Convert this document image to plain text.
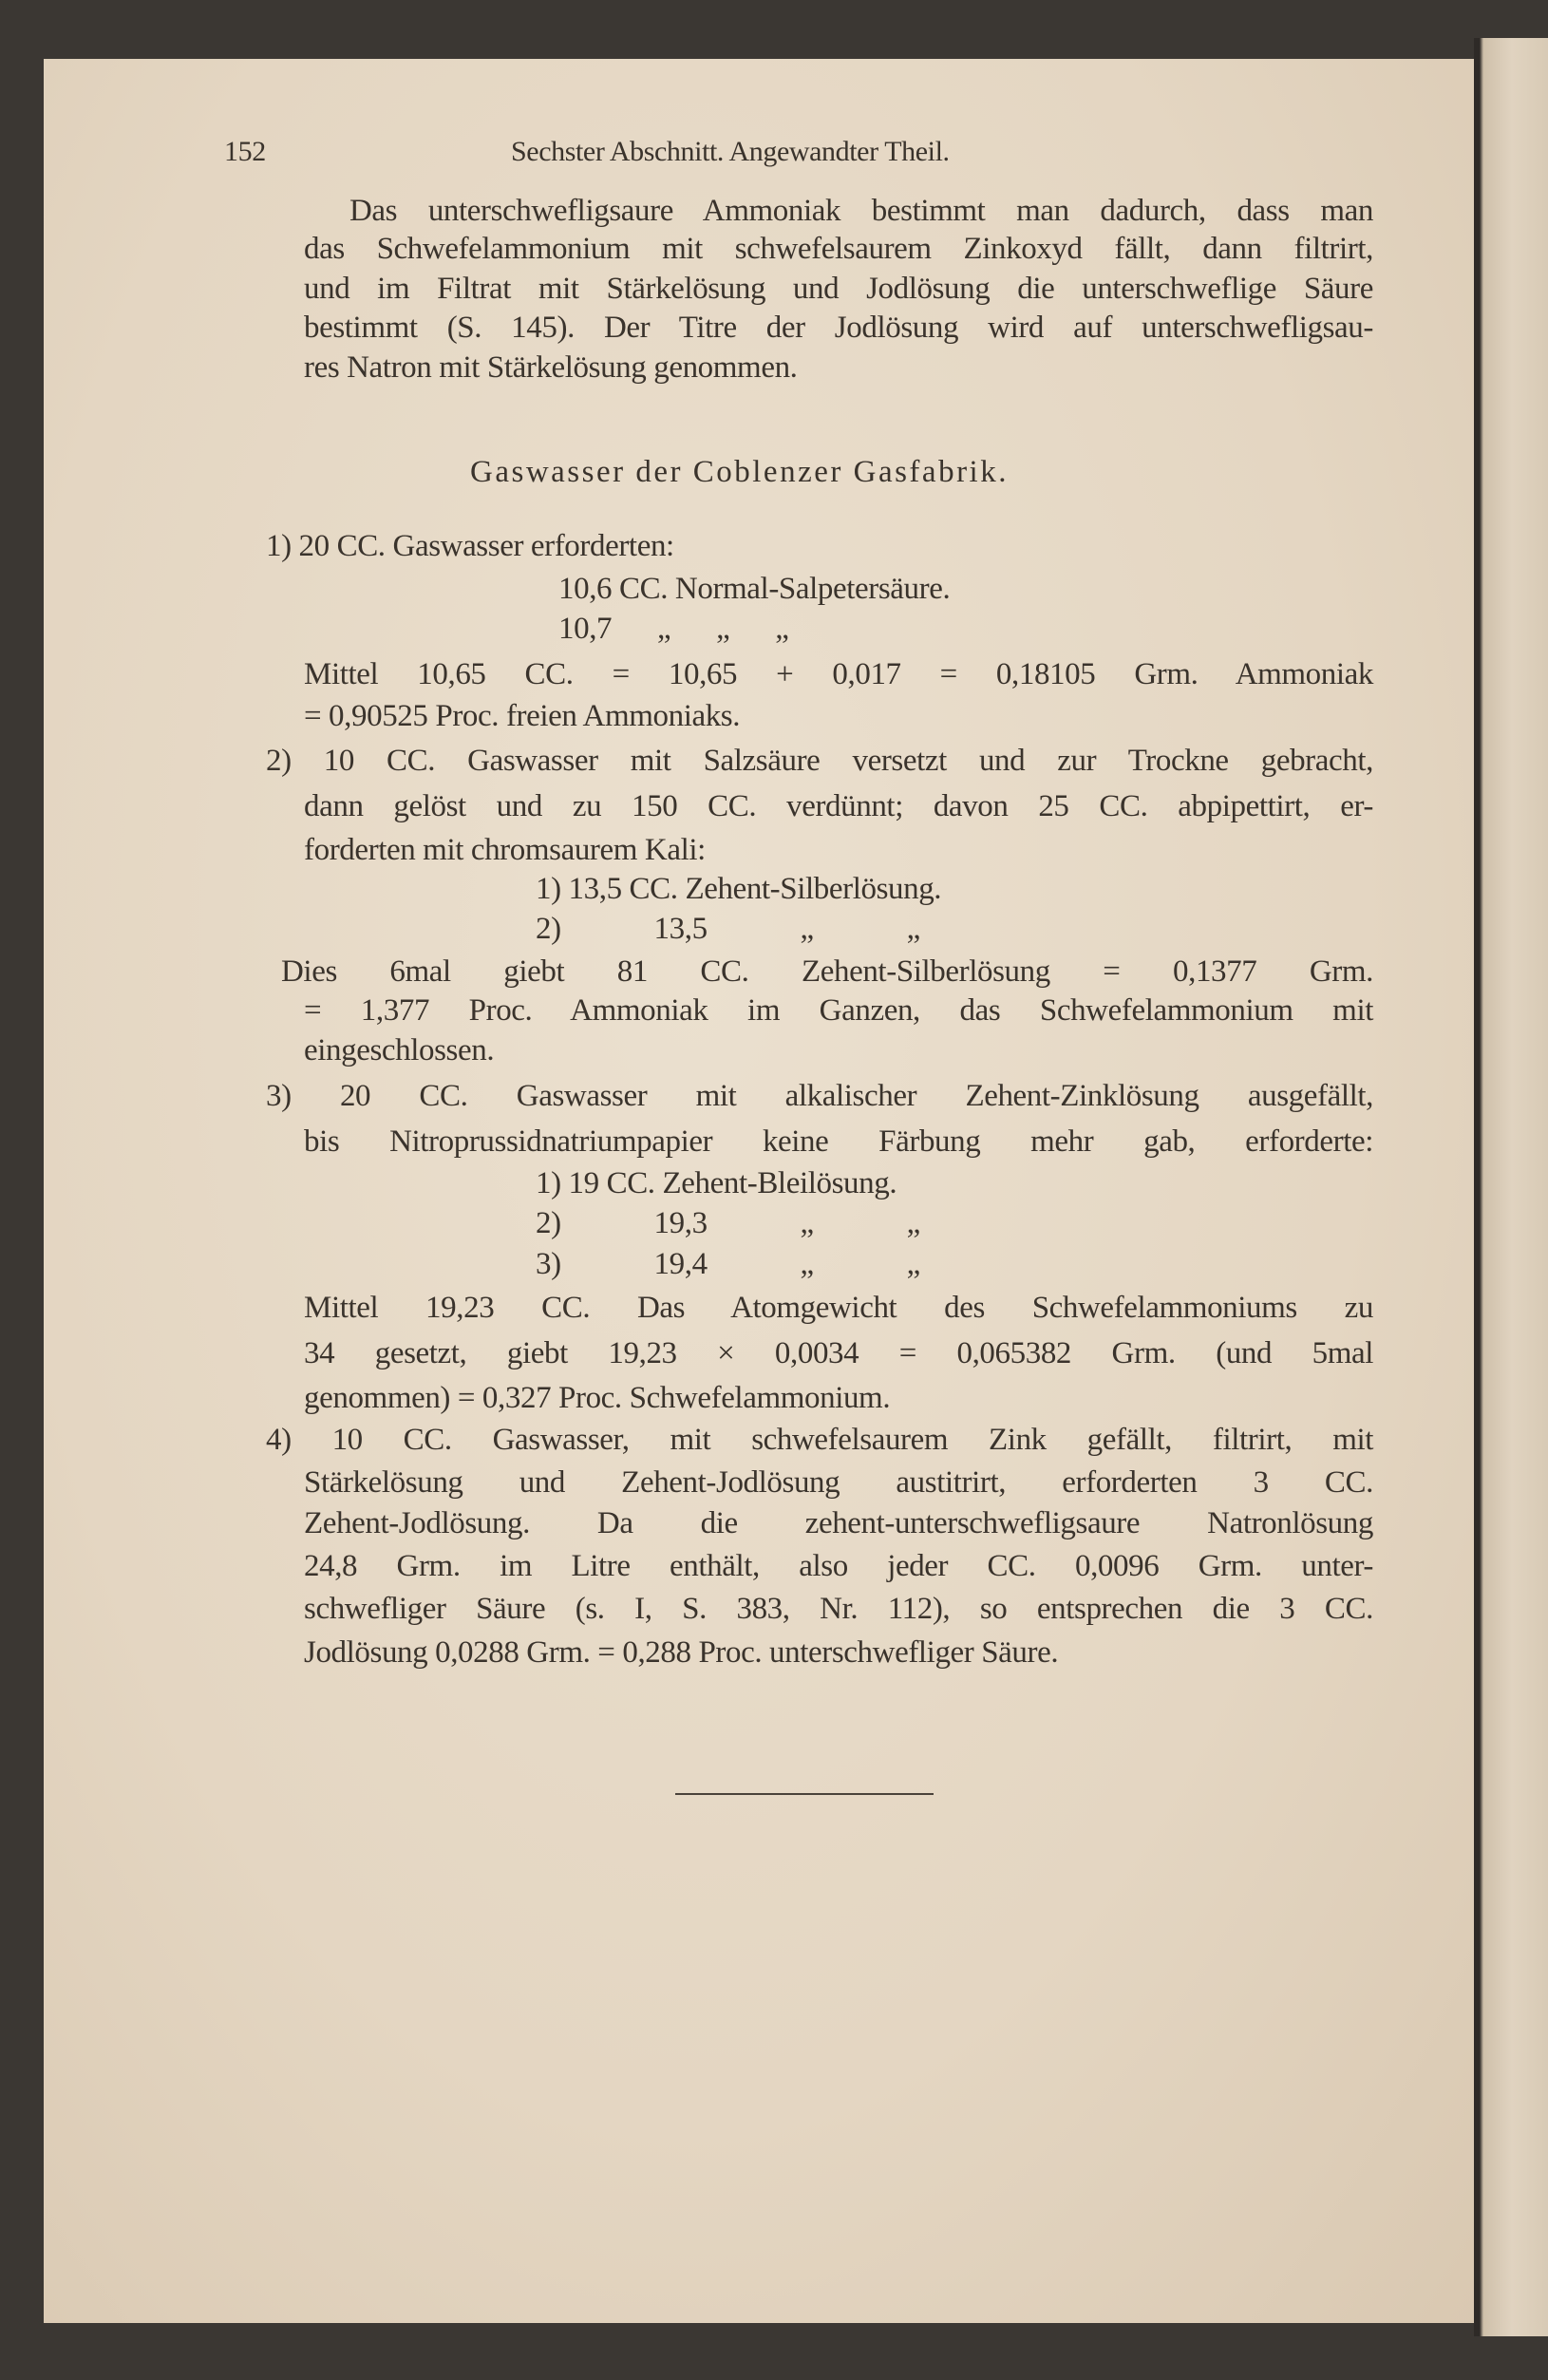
152	Sechster Abschnitt. Angewandter Theil.
Das unterschwefligsaure Ammoniak bestimmt man dadurch, dass man
das Schwefelammonium mit schwefelsaurem Zinkoxyd fällt, dann filtrirt,
und im Filtrat mit Stärkelösung und Jodlösung die unterschweflige Säure
bestimmt (S. 145). Der Titre der Jodlösung wird auf unterschwefligsau-
res Natron mit Stärkelösung genommen.
Gaswasser der Coblenzer Gasfabrik.
1) 20 CC. Gaswasser erforderten:
10,6 CC. Normal-Salpetersäure.
10,7 „ „ „
Mittel 10,65 CC. = 10,65 + 0,017 = 0,18105 Grm. Ammoniak
= 0,90525 Proc. freien Ammoniaks.
2) 10 CC. Gaswasser mit Salzsäure versetzt und zur Trockne gebracht,
dann gelöst und zu 150 CC. verdünnt; davon 25 CC. abpipettirt, er-
forderten mit chromsaurem Kali:
1) 13,5 CC. Zehent-Silberlösung.
2) 13,5 „ „
Dies 6mal giebt 81 CC. Zehent-Silberlösung = 0,1377 Grm.
= 1,377 Proc. Ammoniak im Ganzen, das Schwefelammonium mit
eingeschlossen.
3) 20 CC. Gaswasser mit alkalischer Zehent-Zinklösung ausgefällt,
bis Nitroprussidnatriumpapier keine Färbung mehr gab, erforderte:
1) 19 CC. Zehent-Bleilösung.
2) 19,3 „ „
3) 19,4 „ „
Mittel 19,23 CC. Das Atomgewicht des Schwefelammoniums zu
34 gesetzt, giebt 19,23 × 0,0034 = 0,065382 Grm. (und 5mal
genommen) = 0,327 Proc. Schwefelammonium.
4) 10 CC. Gaswasser, mit schwefelsaurem Zink gefällt, filtrirt, mit
Stärkelösung und Zehent-Jodlösung austitrirt, erforderten 3 CC.
Zehent-Jodlösung. Da die zehent-unterschwefligsaure Natronlösung
24,8 Grm. im Litre enthält, also jeder CC. 0,0096 Grm. unter-
schwefliger Säure (s. I, S. 383, Nr. 112), so entsprechen die 3 CC.
Jodlösung 0,0288 Grm. = 0,288 Proc. unterschwefliger Säure.
